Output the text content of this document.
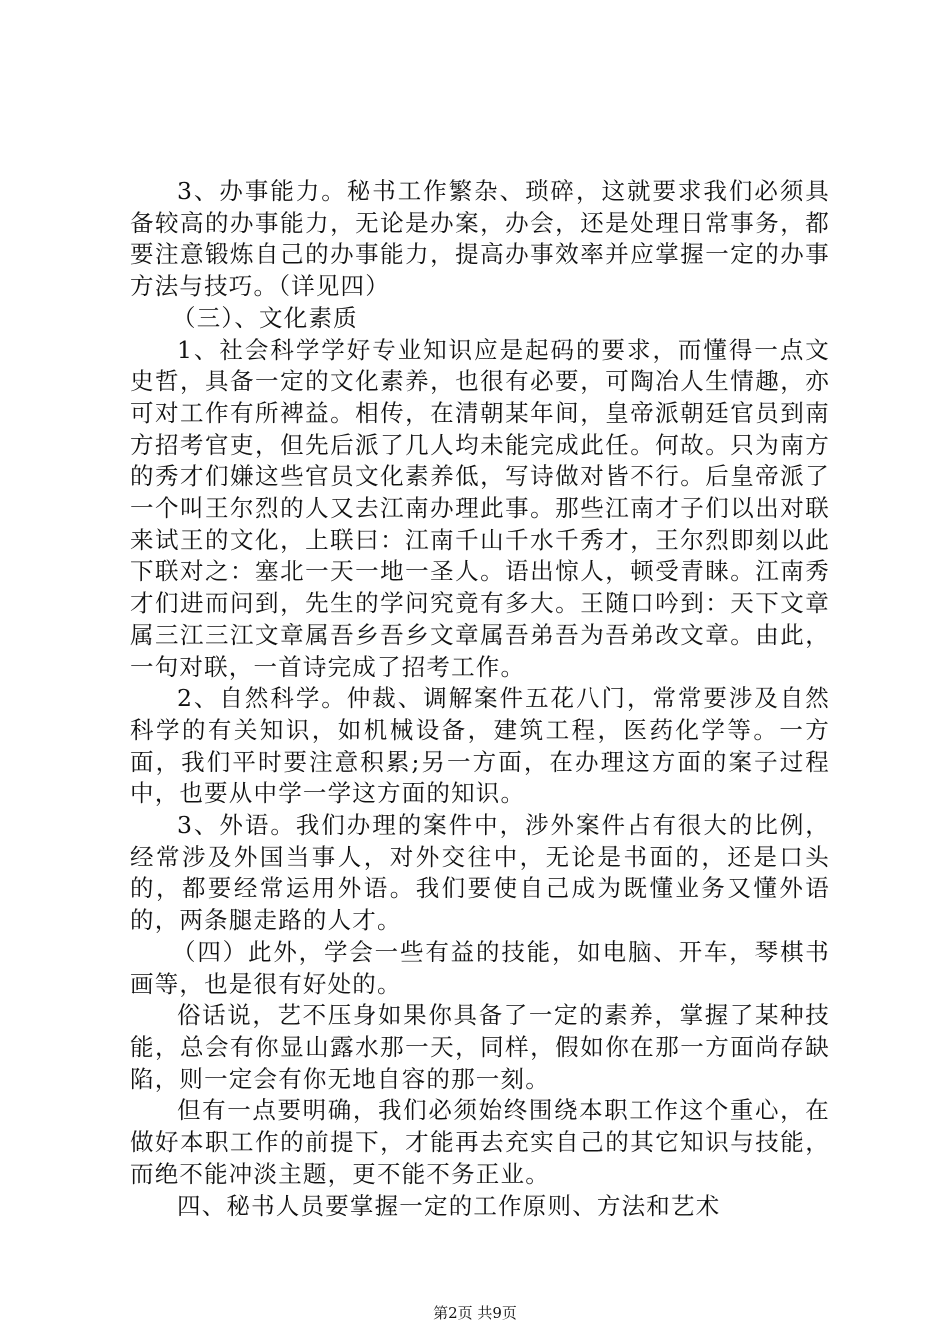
3、办事能力。秘书工作繁杂、琐碎，这就要求我们必须具备较高的办事能力，无论是办案，办会，还是处理日常事务，都要注意锻炼自己的办事能力，提高办事效率并应掌握一定的办事方法与技巧。（详见四）

（三）、文化素质

1、社会科学学好专业知识应是起码的要求，而懂得一点文史哲，具备一定的文化素养，也很有必要，可陶冶人生情趣，亦可对工作有所裨益。相传，在清朝某年间，皇帝派朝廷官员到南方招考官吏，但先后派了几人均未能完成此任。何故。只为南方的秀才们嫌这些官员文化素养低，写诗做对皆不行。后皇帝派了一个叫王尔烈的人又去江南办理此事。那些江南才子们以出对联来试王的文化，上联曰：江南千山千水千秀才，王尔烈即刻以此下联对之：塞北一天一地一圣人。语出惊人，顿受青睐。江南秀才们进而问到，先生的学问究竟有多大。王随口吟到：天下文章属三江三江文章属吾乡吾乡文章属吾弟吾为吾弟改文章。由此，一句对联，一首诗完成了招考工作。

2、自然科学。仲裁、调解案件五花八门，常常要涉及自然科学的有关知识，如机械设备，建筑工程，医药化学等。一方面，我们平时要注意积累;另一方面，在办理这方面的案子过程中，也要从中学一学这方面的知识。

3、外语。我们办理的案件中，涉外案件占有很大的比例，经常涉及外国当事人，对外交往中，无论是书面的，还是口头的，都要经常运用外语。我们要使自己成为既懂业务又懂外语的，两条腿走路的人才。

（四）此外，学会一些有益的技能，如电脑、开车，琴棋书画等，也是很有好处的。

俗话说，艺不压身如果你具备了一定的素养，掌握了某种技能，总会有你显山露水那一天，同样，假如你在那一方面尚存缺陷，则一定会有你无地自容的那一刻。

但有一点要明确，我们必须始终围绕本职工作这个重心，在做好本职工作的前提下，才能再去充实自己的其它知识与技能，而绝不能冲淡主题，更不能不务正业。

四、秘书人员要掌握一定的工作原则、方法和艺术

第2页 共9页
